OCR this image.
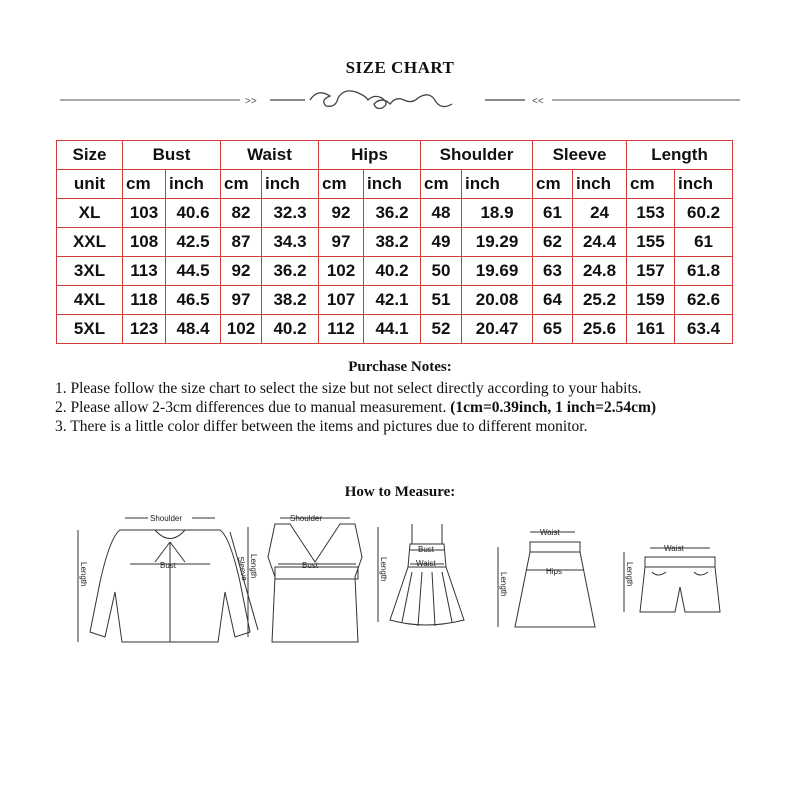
SIZE CHART
>>	<<
Size	Bust		Waist		Hips		Shoulder		Sleeve		Length	
unit	cm	inch	cm	inch	cm	inch	cm	inch	cm	inch	cm	inch
XL	103	40.6	82	32.3	92	36.2	48	18.9	61	24	153	60.2
XXL	108	42.5	87	34.3	97	38.2	49	19.29	62	24.4	155	61
3XL	113	44.5	92	36.2	102	40.2	50	19.69	63	24.8	157	61.8
4XL	118	46.5	97	38.2	107	42.1	51	20.08	64	25.2	159	62.6
5XL	123	48.4	102	40.2	112	44.1	52	20.47	65	25.6	161	63.4
Purchase Notes:

1. Please follow the size chart to select the size but not select directly according to your habits.

2. Please allow 2-3cm differences due to manual measurement. (1cm=0.39inch, 1 inch=2.54cm)

3. There is a little color differ between the items and pictures due to different monitor.

How to Measure:
Shoulder
Length	Bust	Sleeve
Shoulder
Length	Bust	Length
Bust
Waist
Waist
Length
Hips
Waist
Length
